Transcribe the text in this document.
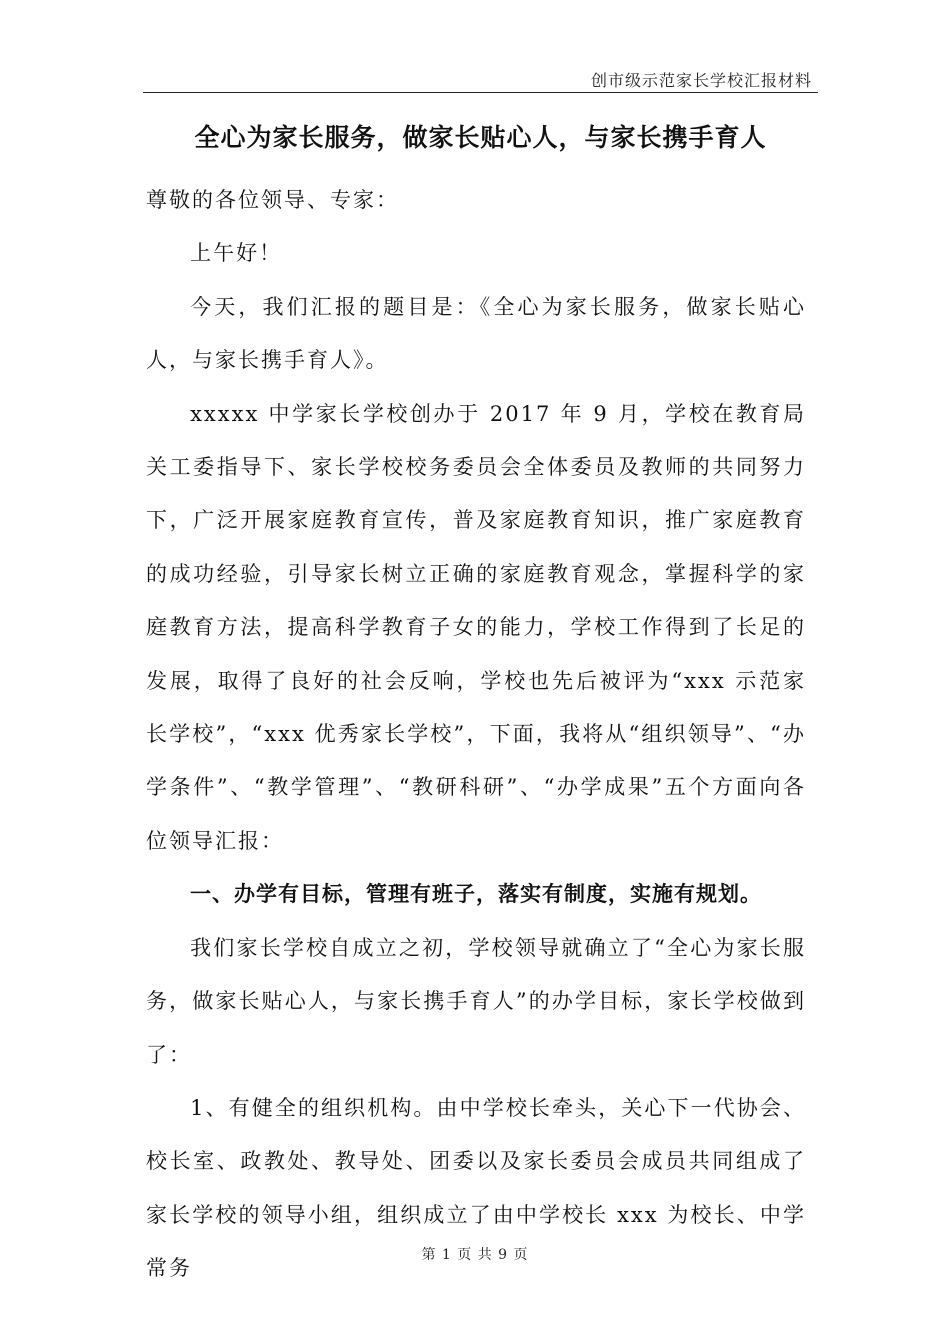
创市级示范家长学校汇报材料
全心为家长服务，做家长贴心人，与家长携手育人

尊敬的各位领导、专家：

上午好！

今天，我们汇报的题目是：《全心为家长服务，做家长贴心人，与家长携手育人》。

xxxxx 中学家长学校创办于 2017 年 9 月，学校在教育局关工委指导下、家长学校校务委员会全体委员及教师的共同努力下，广泛开展家庭教育宣传，普及家庭教育知识，推广家庭教育的成功经验，引导家长树立正确的家庭教育观念，掌握科学的家庭教育方法，提高科学教育子女的能力，学校工作得到了长足的发展，取得了良好的社会反响，学校也先后被评为“xxx 示范家长学校”，“xxx 优秀家长学校”，下面，我将从“组织领导”、“办学条件”、“教学管理”、“教研科研”、“办学成果”五个方面向各位领导汇报：

一、办学有目标，管理有班子，落实有制度，实施有规划。

我们家长学校自成立之初，学校领导就确立了“全心为家长服务，做家长贴心人，与家长携手育人”的办学目标，家长学校做到了：

1、有健全的组织机构。由中学校长牵头，关心下一代协会、校长室、政教处、教导处、团委以及家长委员会成员共同组成了家长学校的领导小组，组织成立了由中学校长 xxx 为校长、中学常务

第 1 页 共 9 页
